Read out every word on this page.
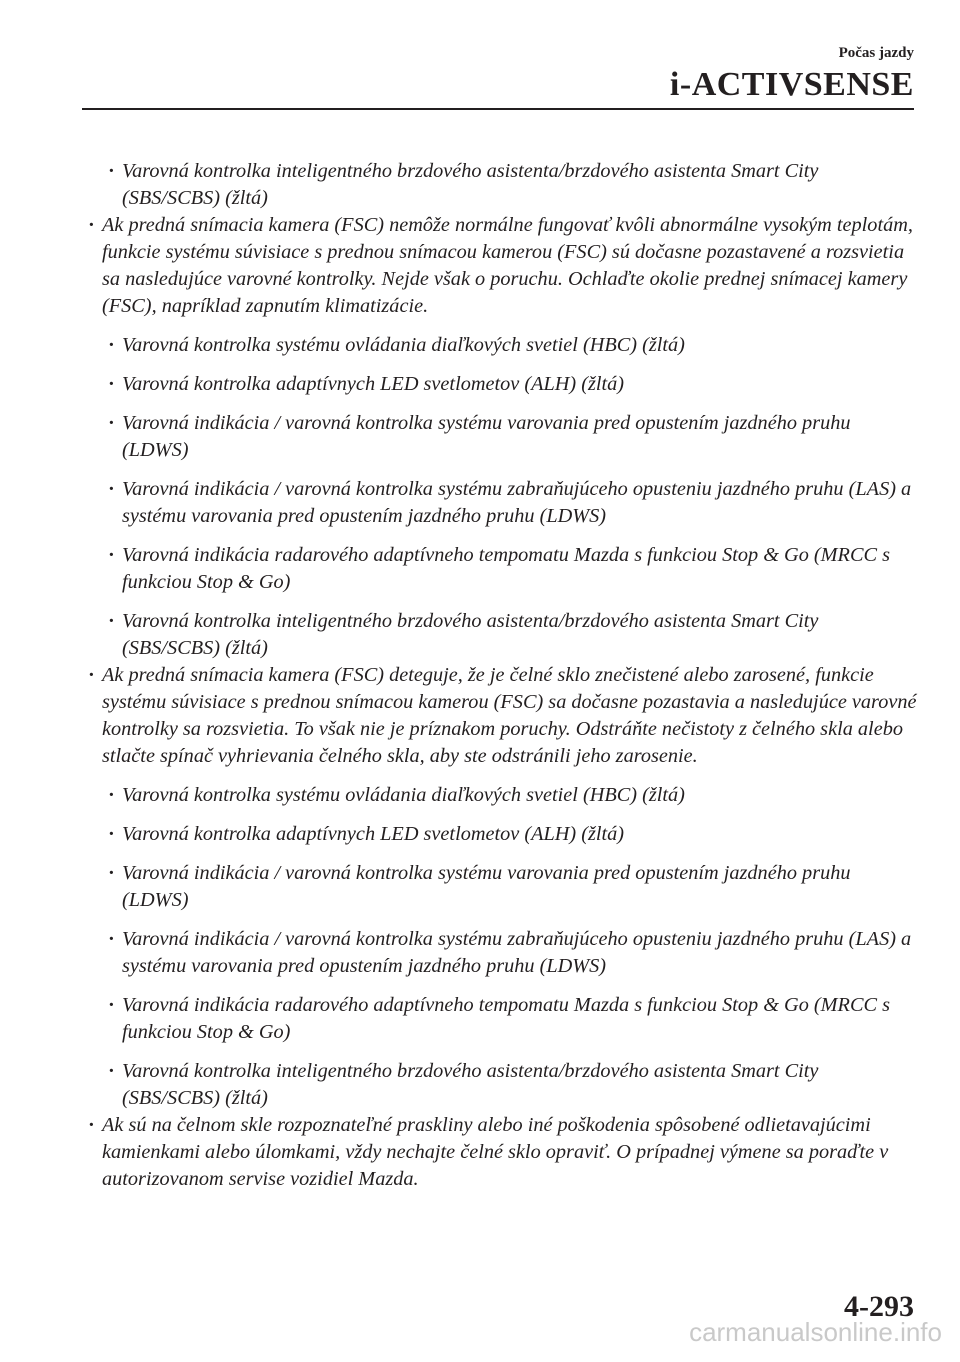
Počas jazdy
i-ACTIVSENSE
· Varovná kontrolka inteligentného brzdového asistenta/brzdového asistenta Smart City (SBS/SCBS) (žltá)
· Ak predná snímacia kamera (FSC) nemôže normálne fungovať kvôli abnormálne vysokým teplotám, funkcie systému súvisiace s prednou snímacou kamerou (FSC) sú dočasne pozastavené a rozsvietia sa nasledujúce varovné kontrolky. Nejde však o poruchu. Ochlaďte okolie prednej snímacej kamery (FSC), napríklad zapnutím klimatizácie.
· Varovná kontrolka systému ovládania diaľkových svetiel (HBC) (žltá)
· Varovná kontrolka adaptívnych LED svetlometov (ALH) (žltá)
· Varovná indikácia / varovná kontrolka systému varovania pred opustením jazdného pruhu (LDWS)
· Varovná indikácia / varovná kontrolka systému zabraňujúceho opusteniu jazdného pruhu (LAS) a systému varovania pred opustením jazdného pruhu (LDWS)
· Varovná indikácia radarového adaptívneho tempomatu Mazda s funkciou Stop & Go (MRCC s funkciou Stop & Go)
· Varovná kontrolka inteligentného brzdového asistenta/brzdového asistenta Smart City (SBS/SCBS) (žltá)
· Ak predná snímacia kamera (FSC) deteguje, že je čelné sklo znečistené alebo zarosené, funkcie systému súvisiace s prednou snímacou kamerou (FSC) sa dočasne pozastavia a nasledujúce varovné kontrolky sa rozsvietia. To však nie je príznakom poruchy. Odstráňte nečistoty z čelného skla alebo stlačte spínač vyhrievania čelného skla, aby ste odstránili jeho zarosenie.
· Varovná kontrolka systému ovládania diaľkových svetiel (HBC) (žltá)
· Varovná kontrolka adaptívnych LED svetlometov (ALH) (žltá)
· Varovná indikácia / varovná kontrolka systému varovania pred opustením jazdného pruhu (LDWS)
· Varovná indikácia / varovná kontrolka systému zabraňujúceho opusteniu jazdného pruhu (LAS) a systému varovania pred opustením jazdného pruhu (LDWS)
· Varovná indikácia radarového adaptívneho tempomatu Mazda s funkciou Stop & Go (MRCC s funkciou Stop & Go)
· Varovná kontrolka inteligentného brzdového asistenta/brzdového asistenta Smart City (SBS/SCBS) (žltá)
· Ak sú na čelnom skle rozpoznateľné praskliny alebo iné poškodenia spôsobené odlietavajúcimi kamienkami alebo úlomkami, vždy nechajte čelné sklo opraviť. O prípadnej výmene sa poraďte v autorizovanom servise vozidiel Mazda.
4-293
carmanualsonline.info
